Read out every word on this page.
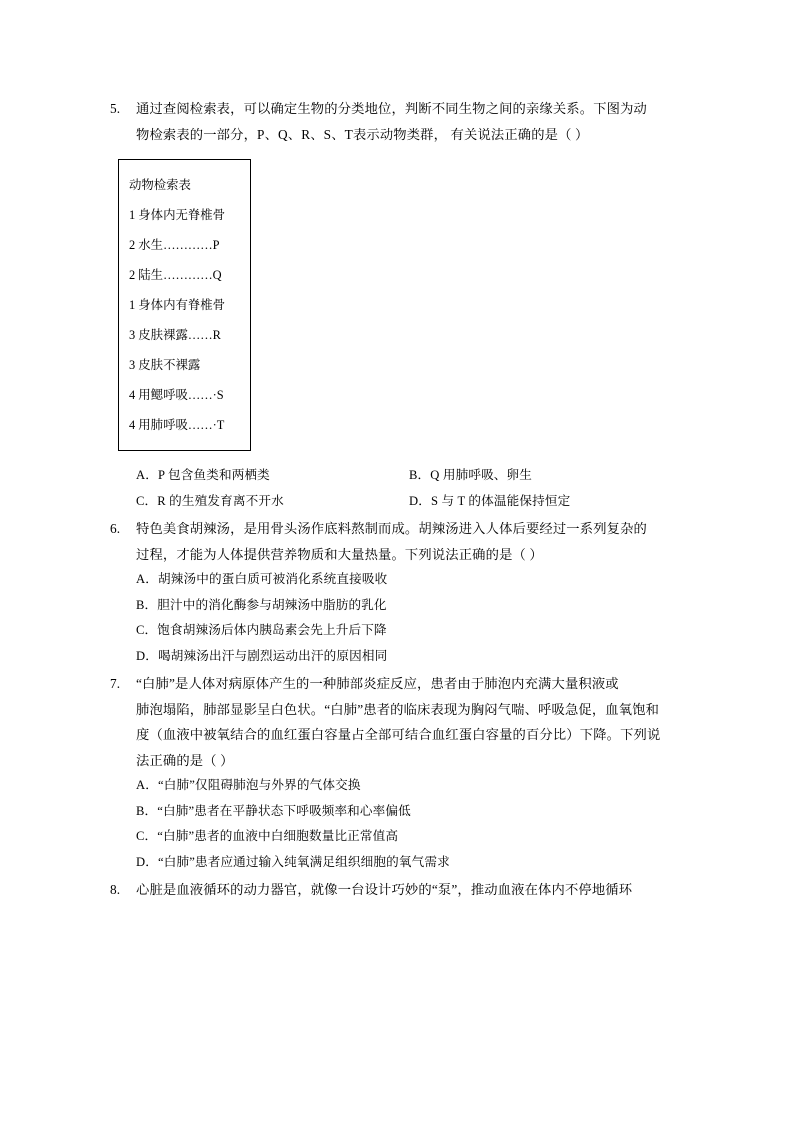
5. 通过查阅检索表，可以确定生物的分类地位，判断不同生物之间的亲缘关系。下图为动
物检索表的一部分，P、Q、R、S、T表示动物类群， 有关说法正确的是（ ）
动物检索表
1 身体内无脊椎骨
2 水生…………P
2 陆生…………Q
1 身体内有脊椎骨
3 皮肤裸露……R
3 皮肤不裸露
4 用鳃呼吸……·S
4 用肺呼吸……·T
A．P 包含鱼类和两栖类	B．Q 用肺呼吸、卵生
C．R 的生殖发育离不开水	D．S 与 T 的体温能保持恒定
6. 特色美食胡辣汤，是用骨头汤作底料熬制而成。胡辣汤进入人体后要经过一系列复杂的
过程，才能为人体提供营养物质和大量热量。下列说法正确的是（ ）
A．胡辣汤中的蛋白质可被消化系统直接吸收
B．胆汁中的消化酶参与胡辣汤中脂肪的乳化
C．饱食胡辣汤后体内胰岛素会先上升后下降
D．喝胡辣汤出汗与剧烈运动出汗的原因相同
7. “白肺”是人体对病原体产生的一种肺部炎症反应，患者由于肺泡内充满大量积液或
肺泡塌陷，肺部显影呈白色状。“白肺”患者的临床表现为胸闷气喘、呼吸急促，血氧饱和
度（血液中被氧结合的血红蛋白容量占全部可结合血红蛋白容量的百分比）下降。下列说
法正确的是（ ）
A．“白肺”仅阻碍肺泡与外界的气体交换
B．“白肺”患者在平静状态下呼吸频率和心率偏低
C．“白肺”患者的血液中白细胞数量比正常值高
D．“白肺”患者应通过输入纯氧满足组织细胞的氧气需求
8. 心脏是血液循环的动力器官，就像一台设计巧妙的“泵”，推动血液在体内不停地循环
